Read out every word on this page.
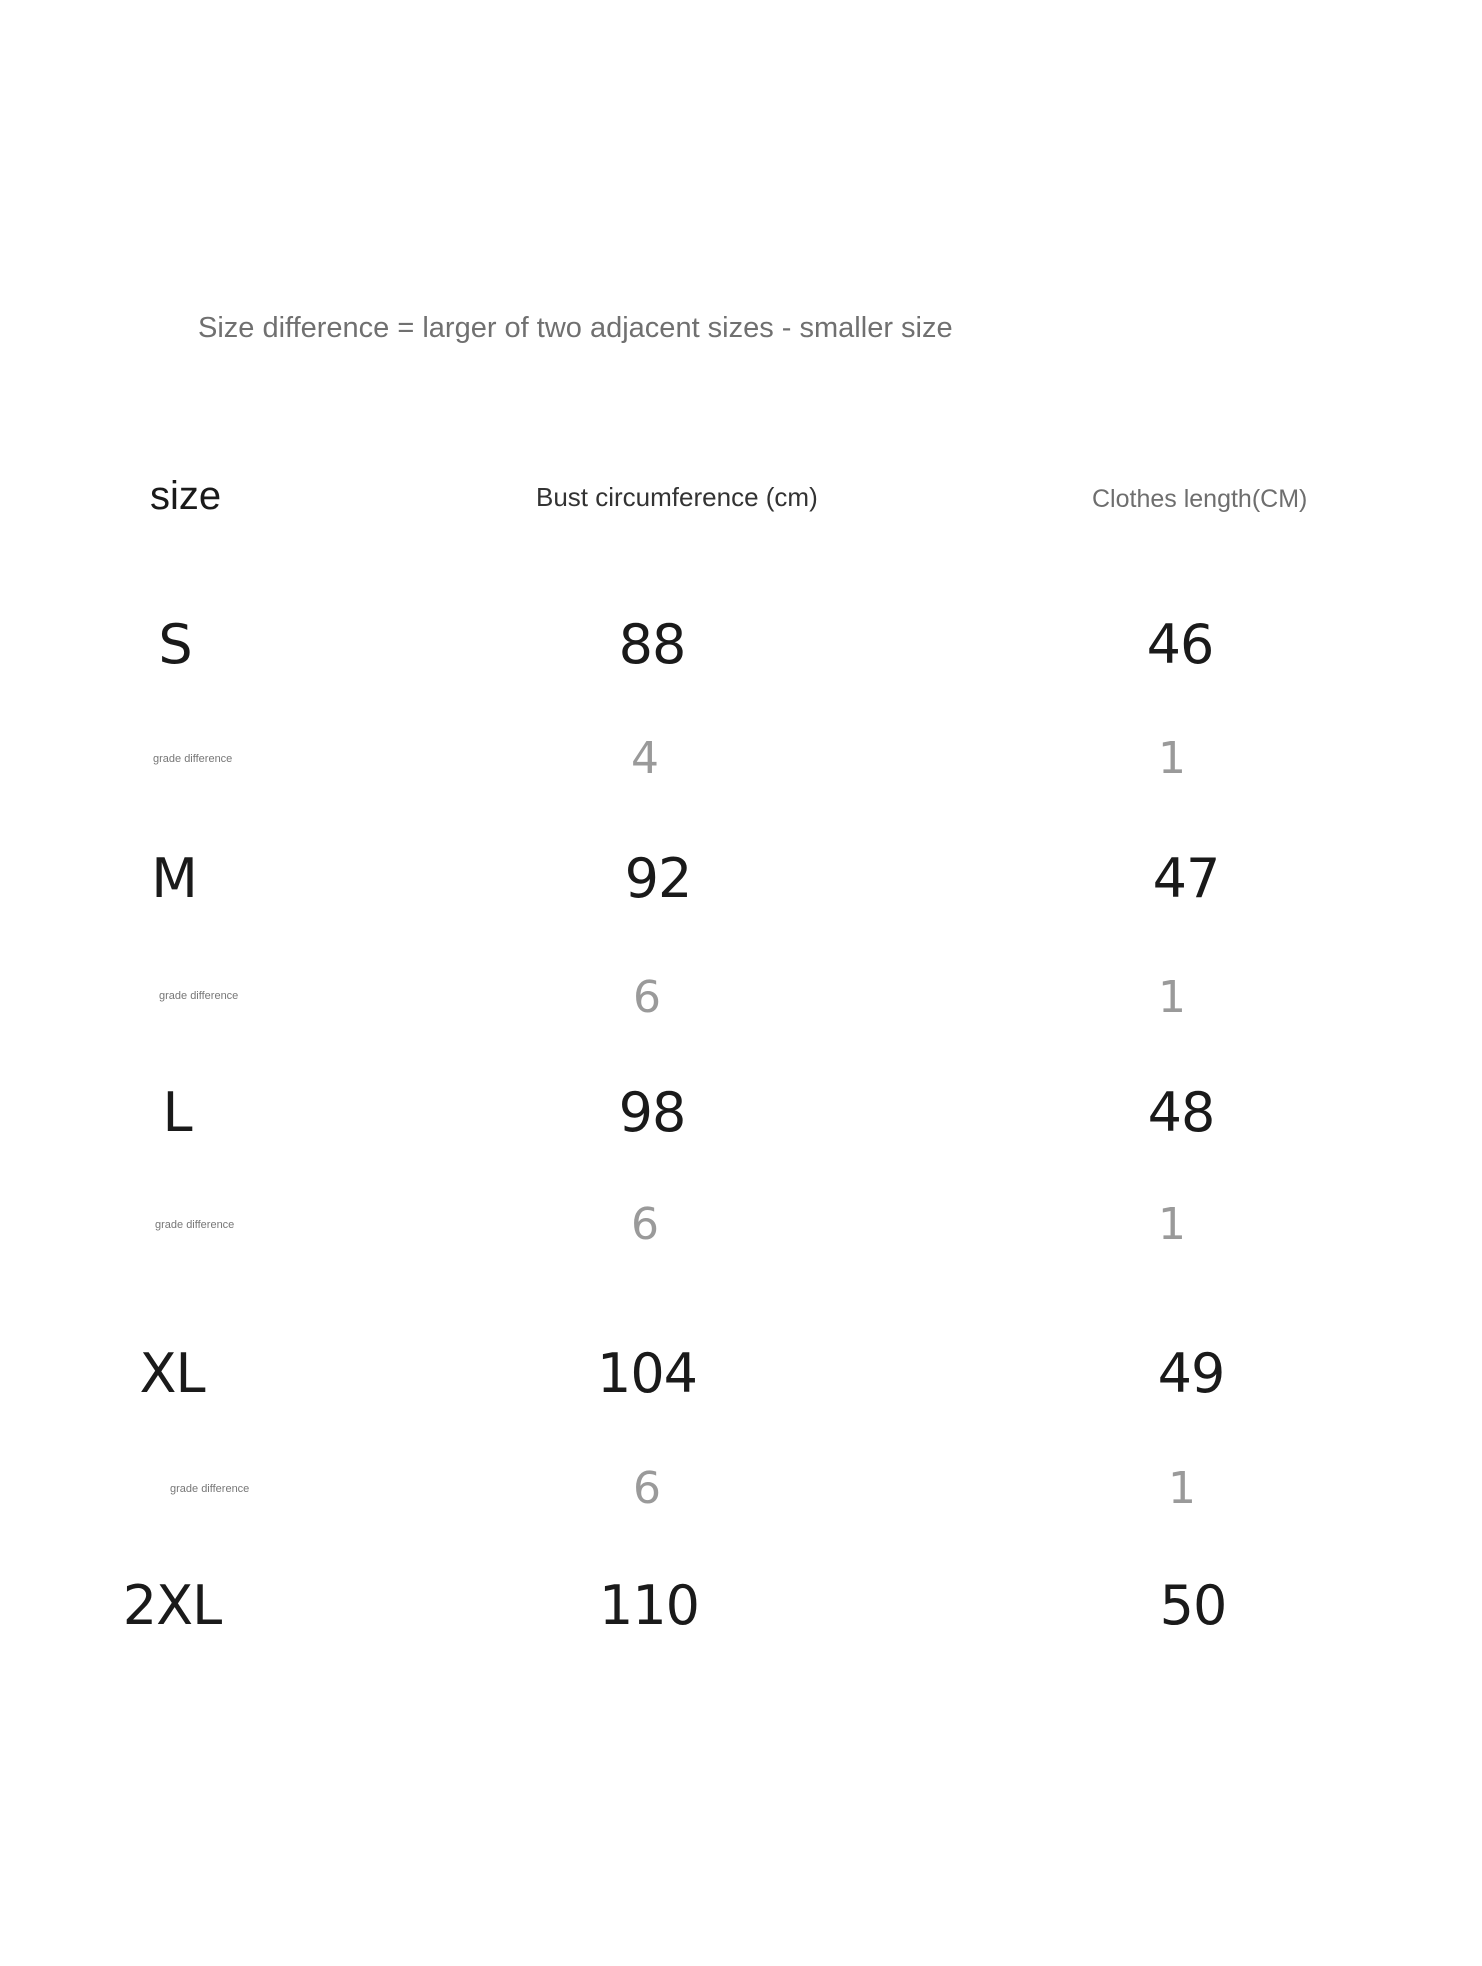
Size difference = larger of two adjacent sizes - smaller size
size	Bust circumference (cm)	Clothes length(CM)
S	88	46
grade difference	4	1
M	92	47
grade difference	6	1
L	98	48
grade difference	6	1
XL	104	49
grade difference	6	1
2XL	110	50
